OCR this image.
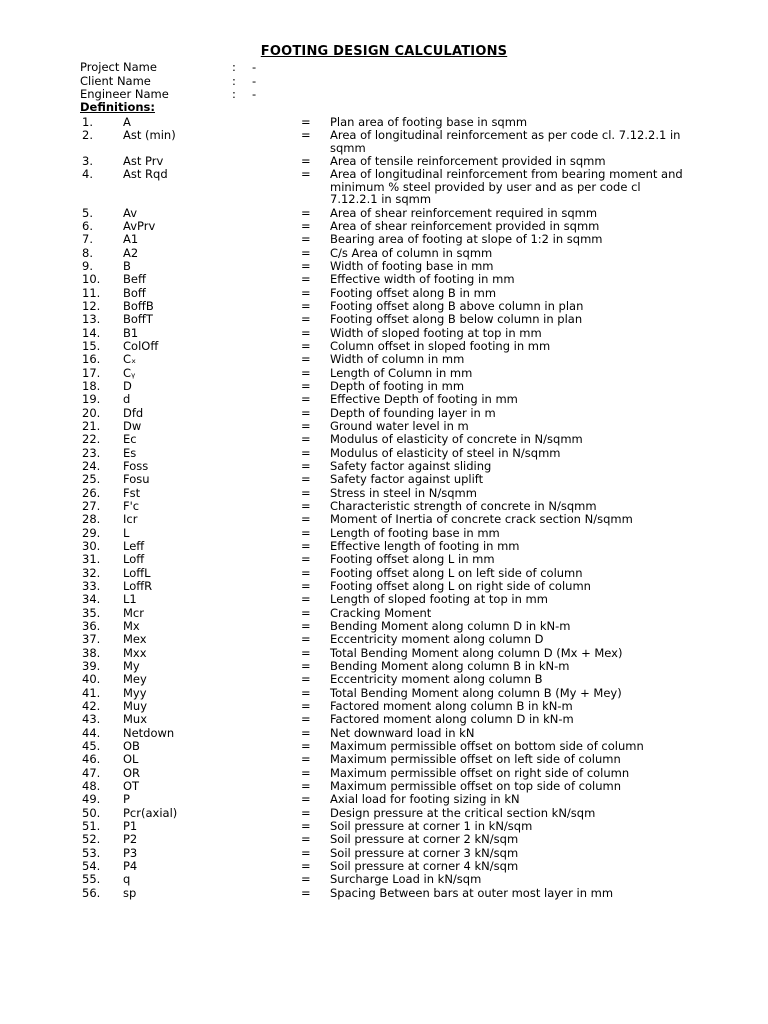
FOOTING DESIGN CALCULATIONS
Project Name	: -
Client Name	: -
Engineer Name	: -
Definitions:
1.	A	= Plan area of footing base in sqmm
2.	Ast (min)	= Area of longitudinal reinforcement as per code cl. 7.12.2.1 in sqmm
3.	Ast Prv	= Area of tensile reinforcement provided in sqmm
4.	Ast Rqd	= Area of longitudinal reinforcement from bearing moment and minimum % steel provided by user and as per code cl 7.12.2.1 in sqmm
5.	Av	= Area of shear reinforcement required in sqmm
6.	AvPrv	= Area of shear reinforcement provided in sqmm
7.	A1	= Bearing area of footing at slope of 1:2 in sqmm
8.	A2	= C/s Area of column in sqmm
9.	B	= Width of footing base in mm
10. Beff	= Effective width of footing in mm
11. Boff	= Footing offset along B in mm
12. BoffB	= Footing offset along B above column in plan
13. BoffT	= Footing offset along B below column in plan
14. B1	= Width of sloped footing at top in mm
15. ColOff	= Column offset in sloped footing in mm
16. Cₓ	= Width of column in mm
17. Cᵧ	= Length of Column in mm
18. D	= Depth of footing in mm
19. d	= Effective Depth of footing in mm
20. Dfd	= Depth of founding layer in m
21. Dw	= Ground water level in m
22. Ec	= Modulus of elasticity of concrete in N/sqmm
23. Es	= Modulus of elasticity of steel in N/sqmm
24. Foss	= Safety factor against sliding
25. Fosu	= Safety factor against uplift
26. Fst	= Stress in steel in N/sqmm
27. F'c	= Characteristic strength of concrete in N/sqmm
28. Icr	= Moment of Inertia of concrete crack section N/sqmm
29. L	= Length of footing base in mm
30. Leff	= Effective length of footing in mm
31. Loff	= Footing offset along L in mm
32. LoffL	= Footing offset along L on left side of column
33. LoffR	= Footing offset along L on right side of column
34. L1	= Length of sloped footing at top in mm
35. Mcr	= Cracking Moment
36. Mx	= Bending Moment along column D in kN-m
37. Mex	= Eccentricity moment along column D
38. Mxx	= Total Bending Moment along column D (Mx + Mex)
39. My	= Bending Moment along column B in kN-m
40. Mey	= Eccentricity moment along column B
41. Myy	= Total Bending Moment along column B (My + Mey)
42. Muy	= Factored moment along column B in kN-m
43. Mux	= Factored moment along column D in kN-m
44. Netdown	= Net downward load in kN
45. OB	= Maximum permissible offset on bottom side of column
46. OL	= Maximum permissible offset on left side of column
47. OR	= Maximum permissible offset on right side of column
48. OT	= Maximum permissible offset on top side of column
49. P	= Axial load for footing sizing in kN
50. Pcr(axial)	= Design pressure at the critical section kN/sqm
51. P1	= Soil pressure at corner 1 in kN/sqm
52. P2	= Soil pressure at corner 2 kN/sqm
53. P3	= Soil pressure at corner 3 kN/sqm
54. P4	= Soil pressure at corner 4 kN/sqm
55. q	= Surcharge Load in kN/sqm
56. sp	= Spacing Between bars at outer most layer in mm
